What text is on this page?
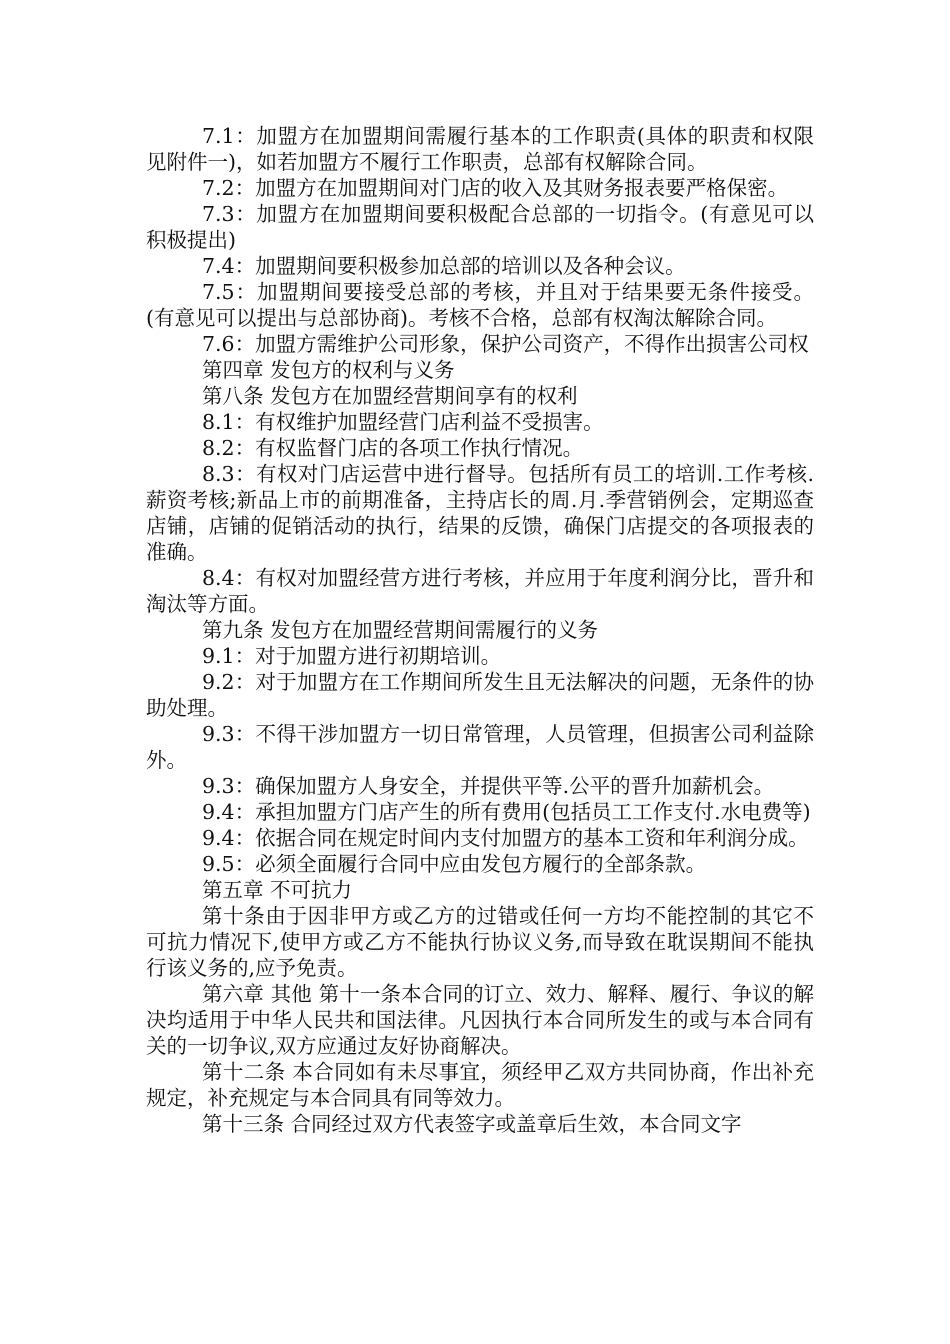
7.1：加盟方在加盟期间需履行基本的工作职责(具体的职责和权限见附件一)，如若加盟方不履行工作职责，总部有权解除合同。

7.2：加盟方在加盟期间对门店的收入及其财务报表要严格保密。

7.3：加盟方在加盟期间要积极配合总部的一切指令。(有意见可以积极提出)

7.4：加盟期间要积极参加总部的培训以及各种会议。

7.5：加盟期间要接受总部的考核，并且对于结果要无条件接受。(有意见可以提出与总部协商)。考核不合格，总部有权淘汰解除合同。

7.6：加盟方需维护公司形象，保护公司资产，不得作出损害公司权

第四章 发包方的权利与义务

第八条 发包方在加盟经营期间享有的权利

8.1：有权维护加盟经营门店利益不受损害。

8.2：有权监督门店的各项工作执行情况。

8.3：有权对门店运营中进行督导。包括所有员工的培训.工作考核.薪资考核;新品上市的前期准备，主持店长的周.月.季营销例会，定期巡查店铺，店铺的促销活动的执行，结果的反馈，确保门店提交的各项报表的准确。

8.4：有权对加盟经营方进行考核，并应用于年度利润分比，晋升和淘汰等方面。

第九条 发包方在加盟经营期间需履行的义务

9.1：对于加盟方进行初期培训。

9.2：对于加盟方在工作期间所发生且无法解决的问题，无条件的协助处理。

9.3：不得干涉加盟方一切日常管理，人员管理，但损害公司利益除外。

9.3：确保加盟方人身安全，并提供平等.公平的晋升加薪机会。

9.4：承担加盟方门店产生的所有费用(包括员工工作支付.水电费等)

9.4：依据合同在规定时间内支付加盟方的基本工资和年利润分成。

9.5：必须全面履行合同中应由发包方履行的全部条款。

第五章 不可抗力

第十条由于因非甲方或乙方的过错或任何一方均不能控制的其它不可抗力情况下,使甲方或乙方不能执行协议义务,而导致在耽误期间不能执行该义务的,应予免责。

第六章 其他 第十一条本合同的订立、效力、解释、履行、争议的解决均适用于中华人民共和国法律。凡因执行本合同所发生的或与本合同有关的一切争议,双方应通过友好协商解决。

第十二条 本合同如有未尽事宜，须经甲乙双方共同协商，作出补充规定，补充规定与本合同具有同等效力。

第十三条 合同经过双方代表签字或盖章后生效，本合同文字
